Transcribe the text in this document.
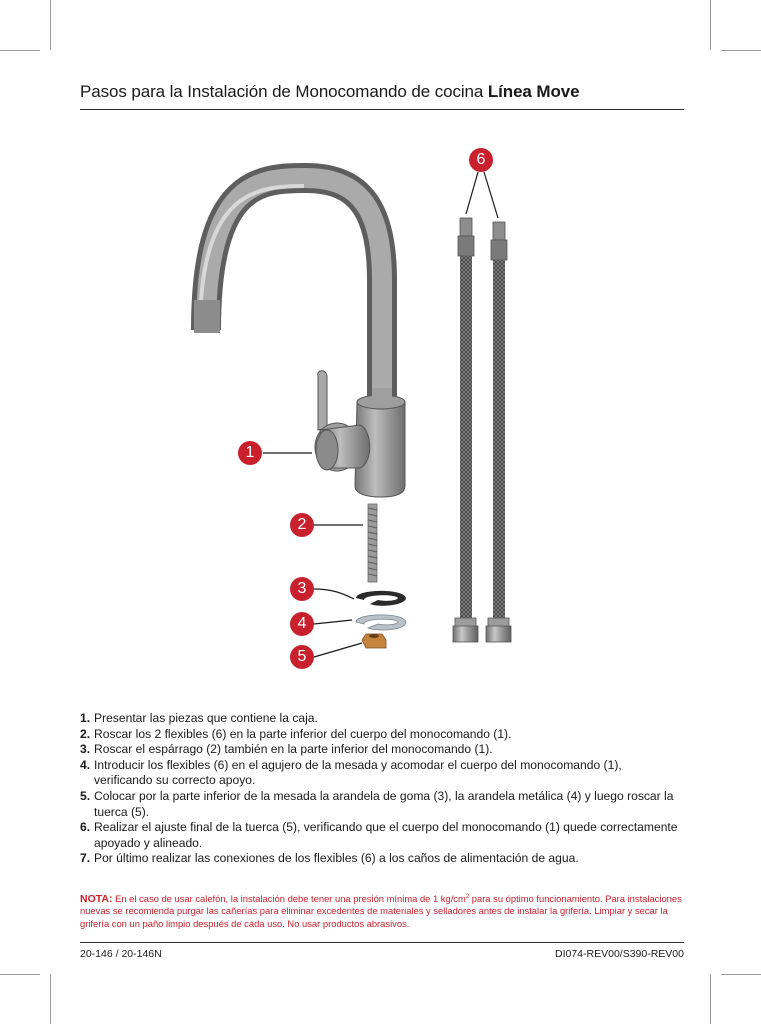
Pasos para la Instalación de Monocomando de cocina Línea Move
1
2
3
4
5
6
1. Presentar las piezas que contiene la caja.
2. Roscar los 2 flexibles (6) en la parte inferior del cuerpo del monocomando (1).
3. Roscar el espárrago (2) también en la parte inferior del monocomando (1).
4. Introducir los flexibles (6) en el agujero de la mesada y acomodar el cuerpo del monocomando (1), verificando su correcto apoyo.
5. Colocar por la parte inferior de la mesada la arandela de goma (3), la arandela metálica (4) y luego roscar la tuerca (5).
6. Realizar el ajuste final de la tuerca (5), verificando que el cuerpo del monocomando (1) quede correctamente apoyado y alineado.
7. Por último realizar las conexiones de los flexibles (6) a los caños de alimentación de agua.
NOTA: En el caso de usar calefón, la instalación debe tener una presión mínima de 1 $kg/cm^2$ para su óptimo funcionamiento. Para instalaciones nuevas se recomienda purgar las cañerías para eliminar excedentes de materiales y selladores antes de instalar la grifería. Limpiar y secar la grifería con un paño limpio después de cada uso. No usar productos abrasivos.
20-146 / 20-146N	DI074-REV00/S390-REV00
